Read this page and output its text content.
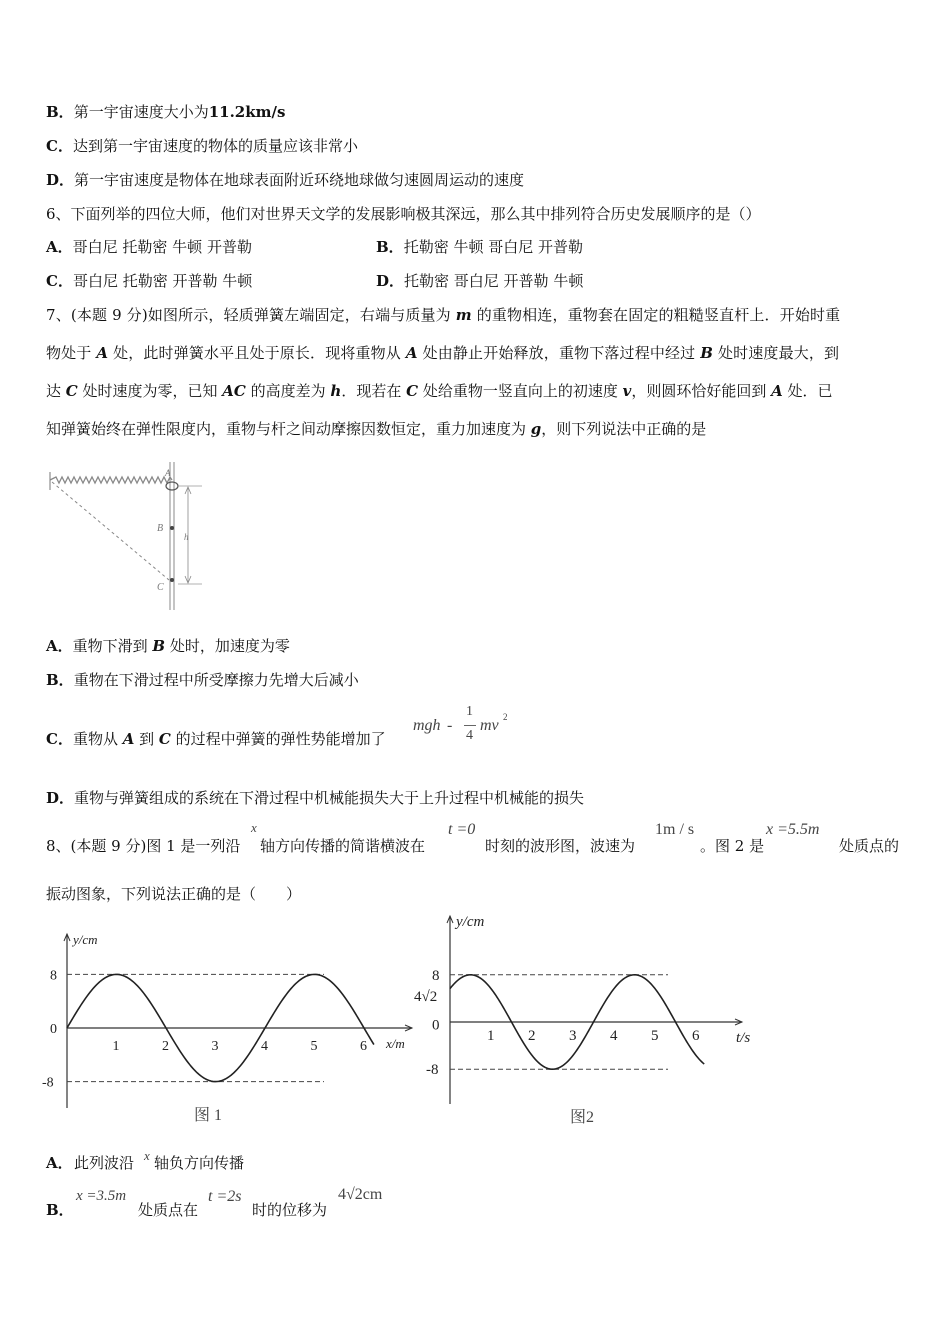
B．第一宇宙速度大小为11.2km/s
C．达到第一宇宙速度的物体的质量应该非常小
D．第一宇宙速度是物体在地球表面附近环绕地球做匀速圆周运动的速度
6、下面列举的四位大师，他们对世界天文学的发展影响极其深远，那么其中排列符合历史发展顺序的是（）
A．哥白尼 托勒密 牛顿 开普勒	B．托勒密 牛顿 哥白尼 开普勒
C．哥白尼 托勒密 开普勒 牛顿	D．托勒密 哥白尼 开普勒 牛顿
7、(本题 9 分)如图所示，轻质弹簧左端固定，右端与质量为 m 的重物相连，重物套在固定的粗糙竖直杆上．开始时重
物处于 A 处，此时弹簧水平且处于原长．现将重物从 A 处由静止开始释放，重物下落过程中经过 B 处时速度最大，到
达 C 处时速度为零，已知 AC 的高度差为 h．现若在 C 处给重物一竖直向上的初速度 v，则圆环恰好能回到 A 处．已
知弹簧始终在弹性限度内，重物与杆之间动摩擦因数恒定，重力加速度为 g，则下列说法中正确的是
A
B
C
h
A．重物下滑到 B 处时，加速度为零
B．重物在下滑过程中所受摩擦力先增大后减小
C．重物从 A 到 C 的过程中弹簧的弹性势能增加了
mgh -
1
4
mv 2
D．重物与弹簧组成的系统在下滑过程中机械能损失大于上升过程中机械能的损失
8、(本题 9 分)图 1 是一列沿
x
轴方向传播的简谐横波在
t =0
时刻的波形图，波速为
1m / s
。图 2 是
x =5.5m
处质点的
振动图象，下列说法正确的是（　　）
1	2	3	4	5	6
8
0
-8
y/cm
x/m
图 1
1 2 3 4 5 6
8
4√2
0
-8
y/cm
t/s
图2
A． 此列波沿 x 轴负方向传播
B．
x =3.5m
处质点在
t =2s
时的位移为
4√2cm
